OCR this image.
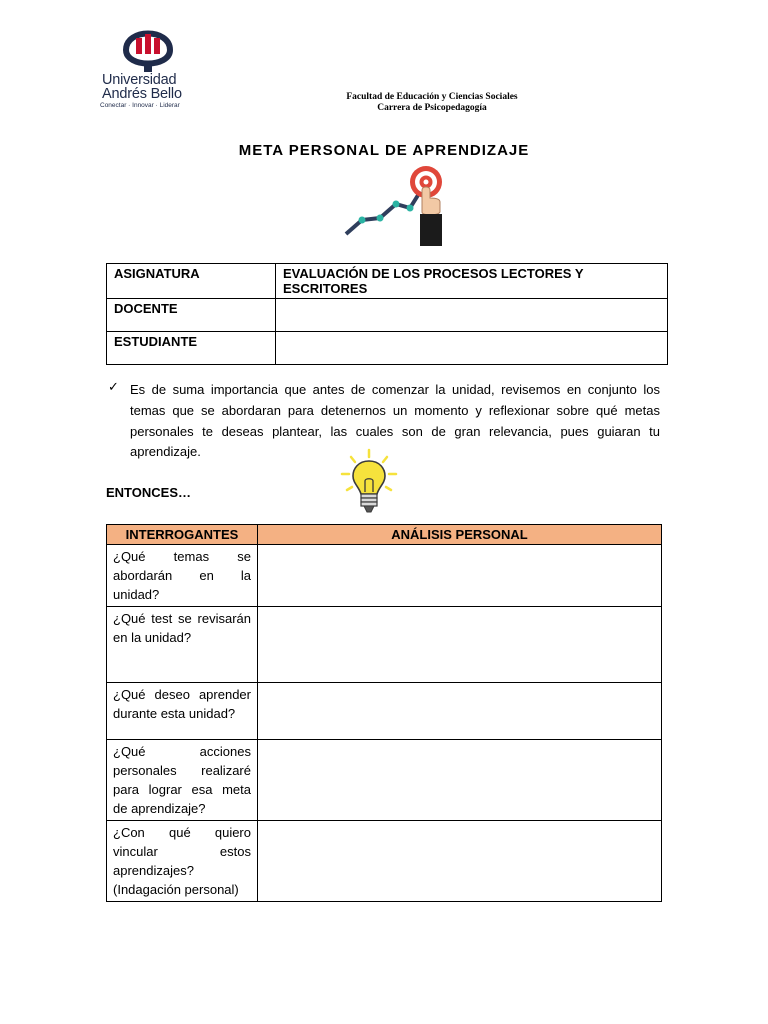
Universidad
Andrés Bello
Conectar · Innovar · Liderar
Facultad de Educación y Ciencias Sociales
Carrera de Psicopedagogía
META PERSONAL DE APRENDIZAJE
ASIGNATURA	EVALUACIÓN DE LOS PROCESOS LECTORES Y ESCRITORES
DOCENTE	
ESTUDIANTE	
✓ Es de suma importancia que antes de comenzar la unidad, revisemos en conjunto los temas que se abordaran para detenernos un momento y reflexionar sobre qué metas personales te deseas plantear, las cuales son de gran relevancia, pues guiaran tu aprendizaje.
ENTONCES…
INTERROGANTES	ANÁLISIS PERSONAL
¿Qué temas se abordarán en la unidad?	
¿Qué test se revisarán en la unidad?	
¿Qué deseo aprender durante esta unidad?	
¿Qué acciones personales realizaré para lograr esa meta de aprendizaje?	
¿Con qué quiero vincular estos aprendizajes? (Indagación personal)	
